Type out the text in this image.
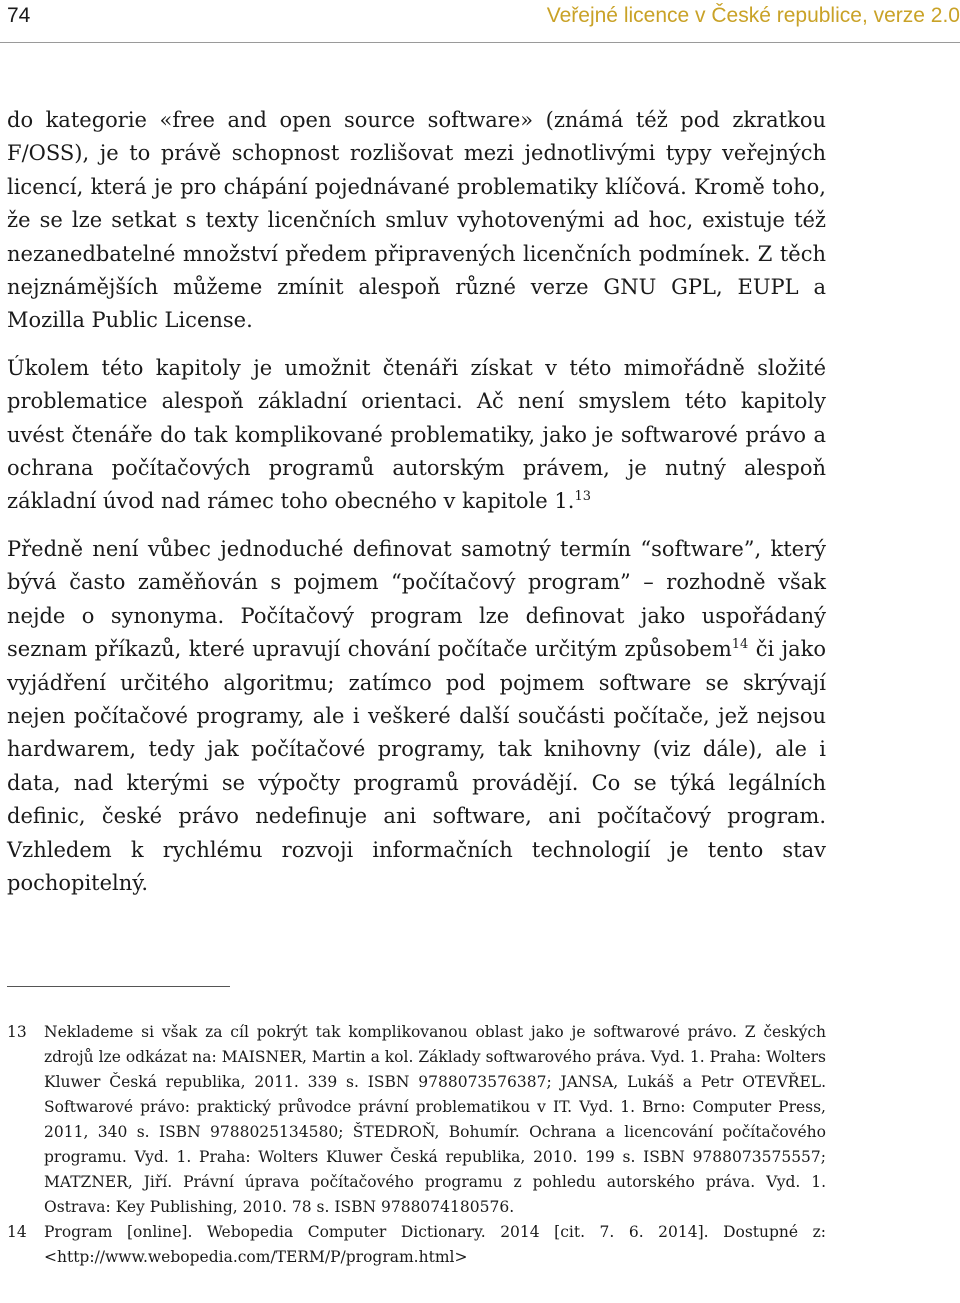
74	Veřejné licence v České republice, verze 2.0

do kategorie «free and open source software» (známá též pod zkratkou F/OSS), je to právě schopnost rozlišovat mezi jednotlivými typy veřejných licencí, která je pro chápání pojednávané problematiky klíčová. Kromě toho, že se lze setkat s texty licenčních smluv vyhotovenými ad hoc, existuje též nezanedbatelné množství předem připravených licenčních podmínek. Z těch nejznámějších můžeme zmínit alespoň různé verze GNU GPL, EUPL a Mozilla Public License.

Úkolem této kapitoly je umožnit čtenáři získat v této mimořádně složité problematice alespoň základní orientaci. Ač není smyslem této kapitoly uvést čtenáře do tak komplikované problematiky, jako je softwarové právo a ochrana počítačových programů autorským právem, je nutný alespoň základní úvod nad rámec toho obecného v kapitole 1.13

Předně není vůbec jednoduché definovat samotný termín “software”, který bývá často zaměňován s pojmem “počítačový program” – rozhodně však nejde o synonyma. Počítačový program lze definovat jako uspořádaný seznam příkazů, které upravují chování počítače určitým způsobem$^{14}$ či jako vyjádření určitého algoritmu; zatímco pod pojmem software se skrývají nejen počítačové programy, ale i veškeré další součásti počítače, jež nejsou hardwarem, tedy jak počítačové programy, tak knihovny (viz dále), ale i data, nad kterými se výpočty programů provádějí. Co se týká legálních definic, české právo nedefinuje ani software, ani počítačový program. Vzhledem k rychlému rozvoji informačních technologií je tento stav pochopitelný.

13	Neklademe si však za cíl pokrýt tak komplikovanou oblast jako je softwarové právo. Z českých zdrojů lze odkázat na: MAISNER, Martin a kol. Základy softwarového práva. Vyd. 1. Praha: Wolters Kluwer Česká republika, 2011. 339 s. ISBN 9788073576387; JANSA, Lukáš a Petr OTEVŘEL. Softwarové právo: praktický průvodce právní problematikou v IT. Vyd. 1. Brno: Computer Press, 2011, 340 s. ISBN 9788025134580; ŠTEDROŇ, Bohumír. Ochrana a licencování počítačového programu. Vyd. 1. Praha: Wolters Kluwer Česká republika, 2010. 199 s. ISBN 9788073575557; MATZNER, Jiří. Právní úprava počítačového programu z pohledu autorského práva. Vyd. 1. Ostrava: Key Publishing, 2010. 78 s. ISBN 9788074180576.
14	Program [online]. Webopedia Computer Dictionary. 2014 [cit. 7. 6. 2014]. Dostupné z: <http://www.webopedia.com/TERM/P/program.html>
